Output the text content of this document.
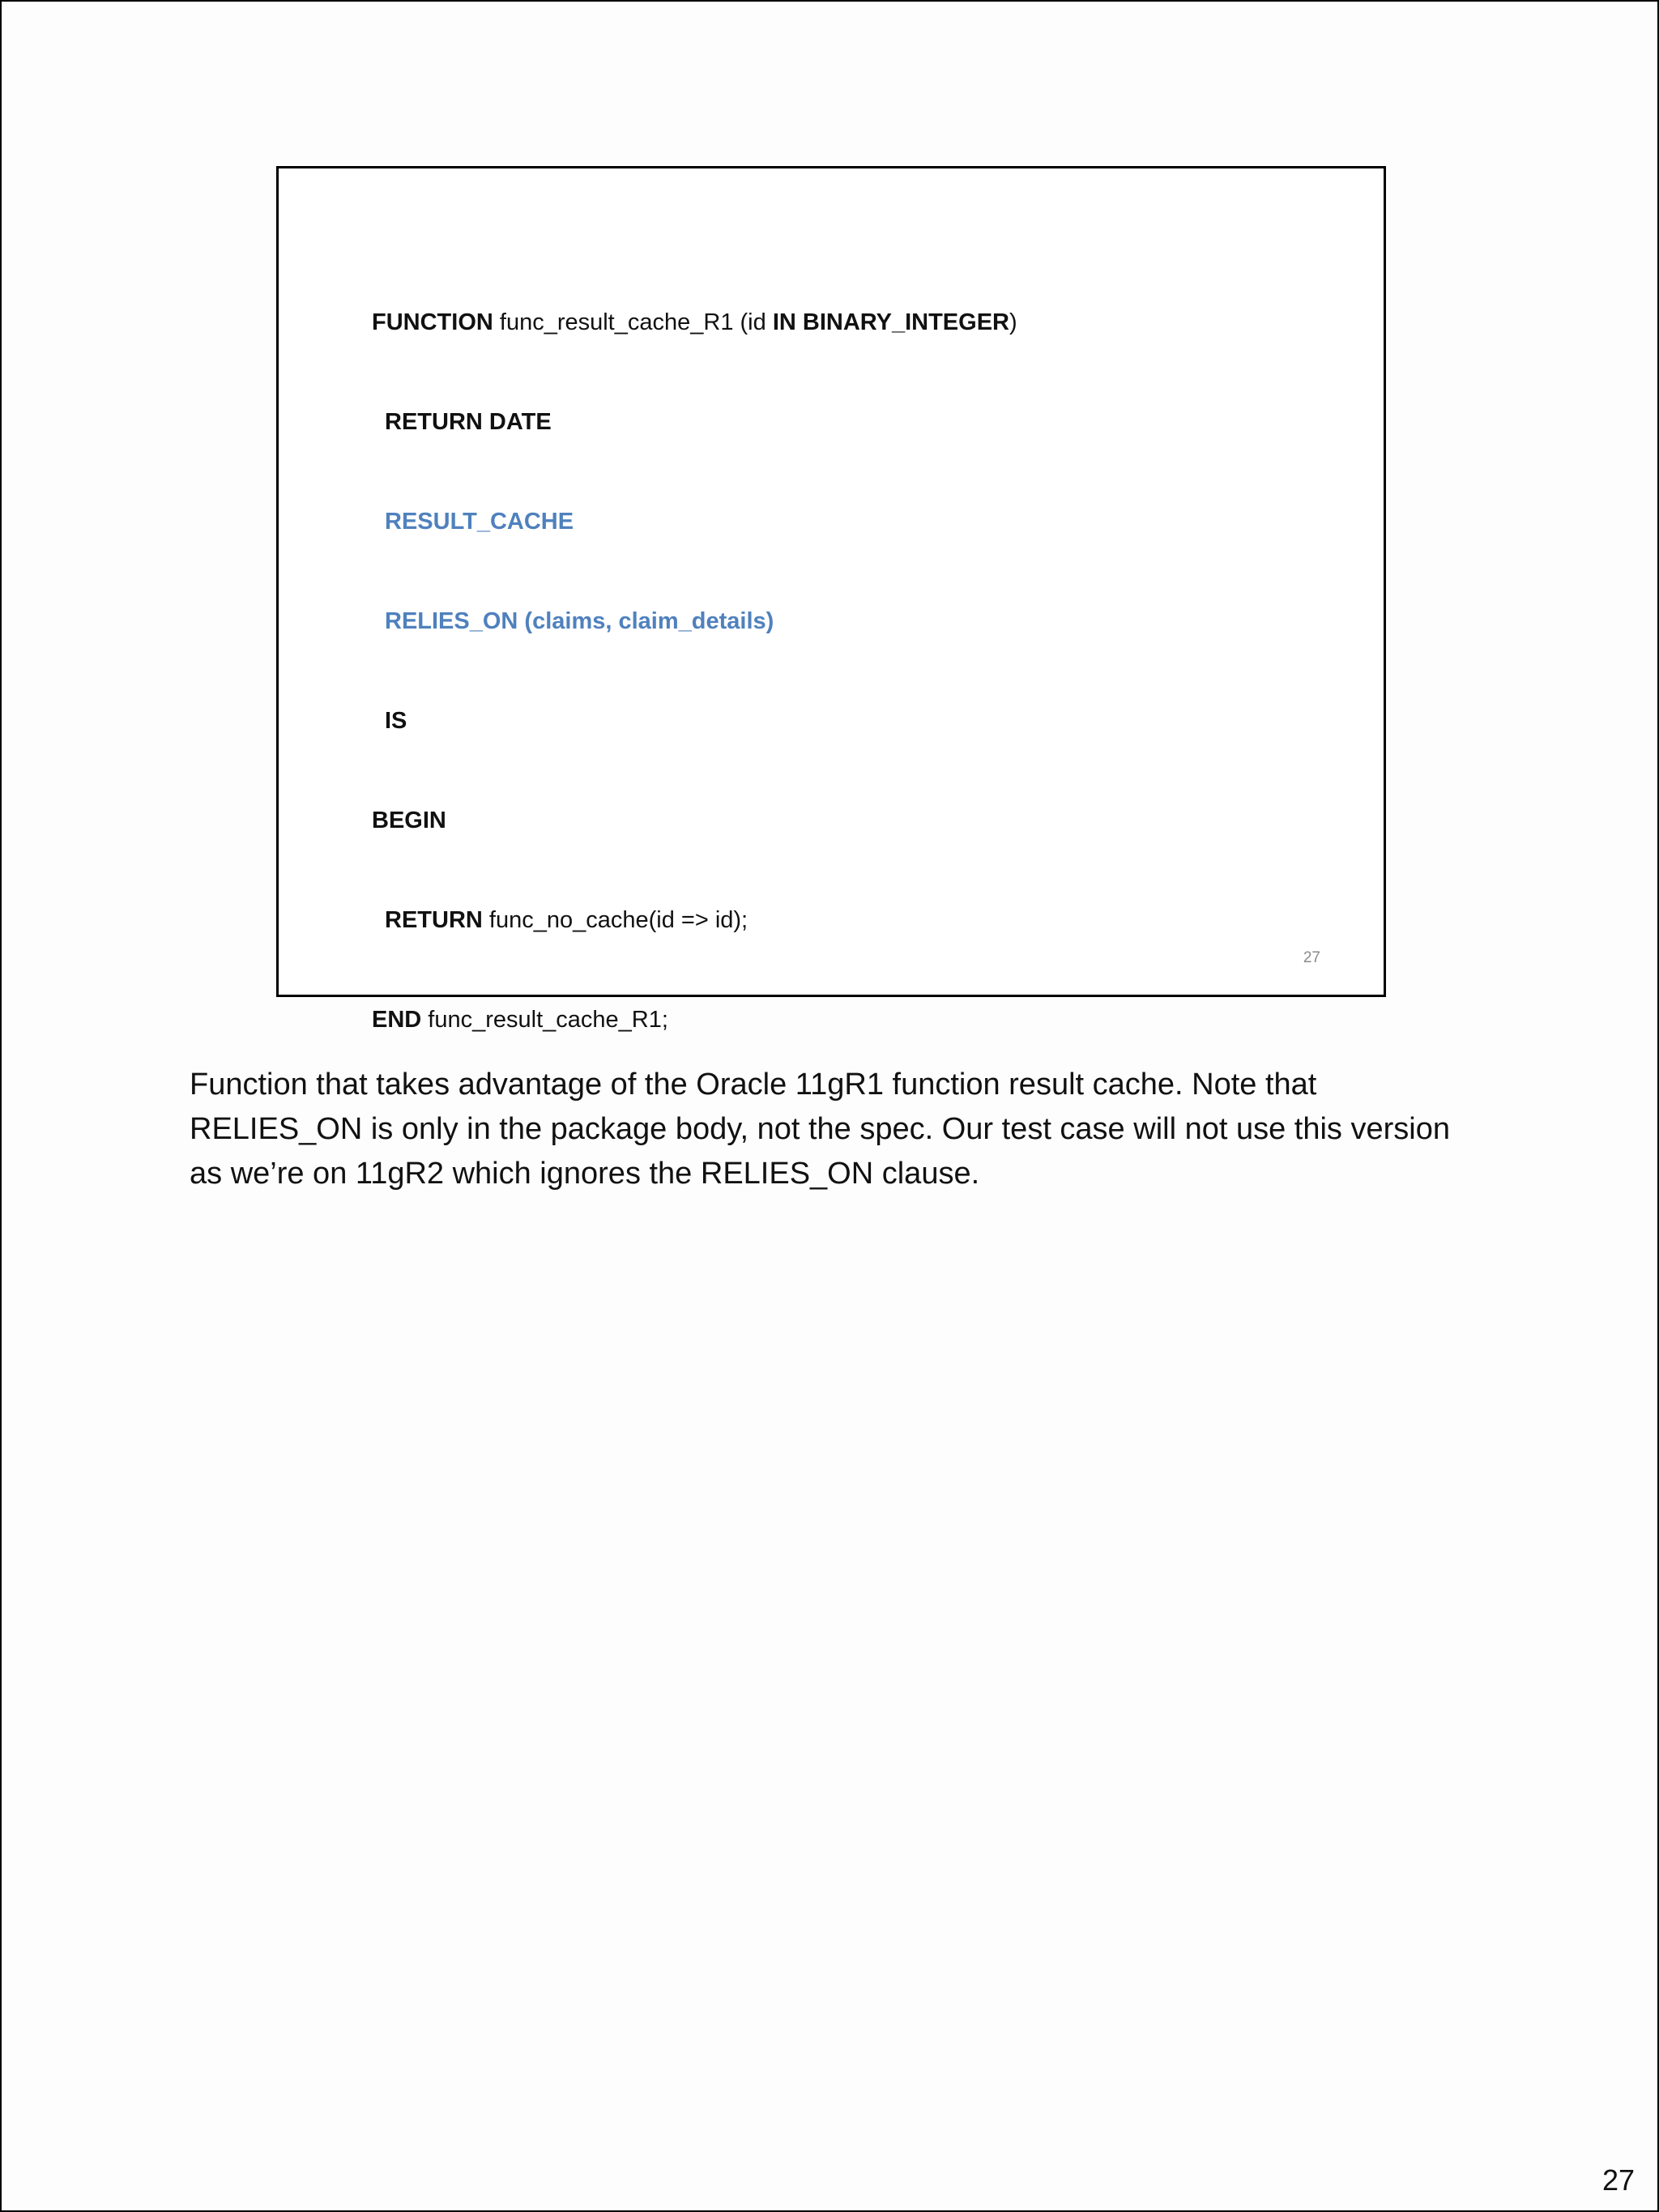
FUNCTION func_result_cache_R1 (id IN BINARY_INTEGER)

RETURN DATE

RESULT_CACHE

RELIES_ON (claims, claim_details)

IS

BEGIN

RETURN func_no_cache(id => id);

END func_result_cache_R1;

27

Function that takes advantage of the Oracle 11gR1 function result cache. Note that RELIES_ON is only in the package body, not the spec. Our test case will not use this version as we’re on 11gR2 which ignores the RELIES_ON clause.

27
